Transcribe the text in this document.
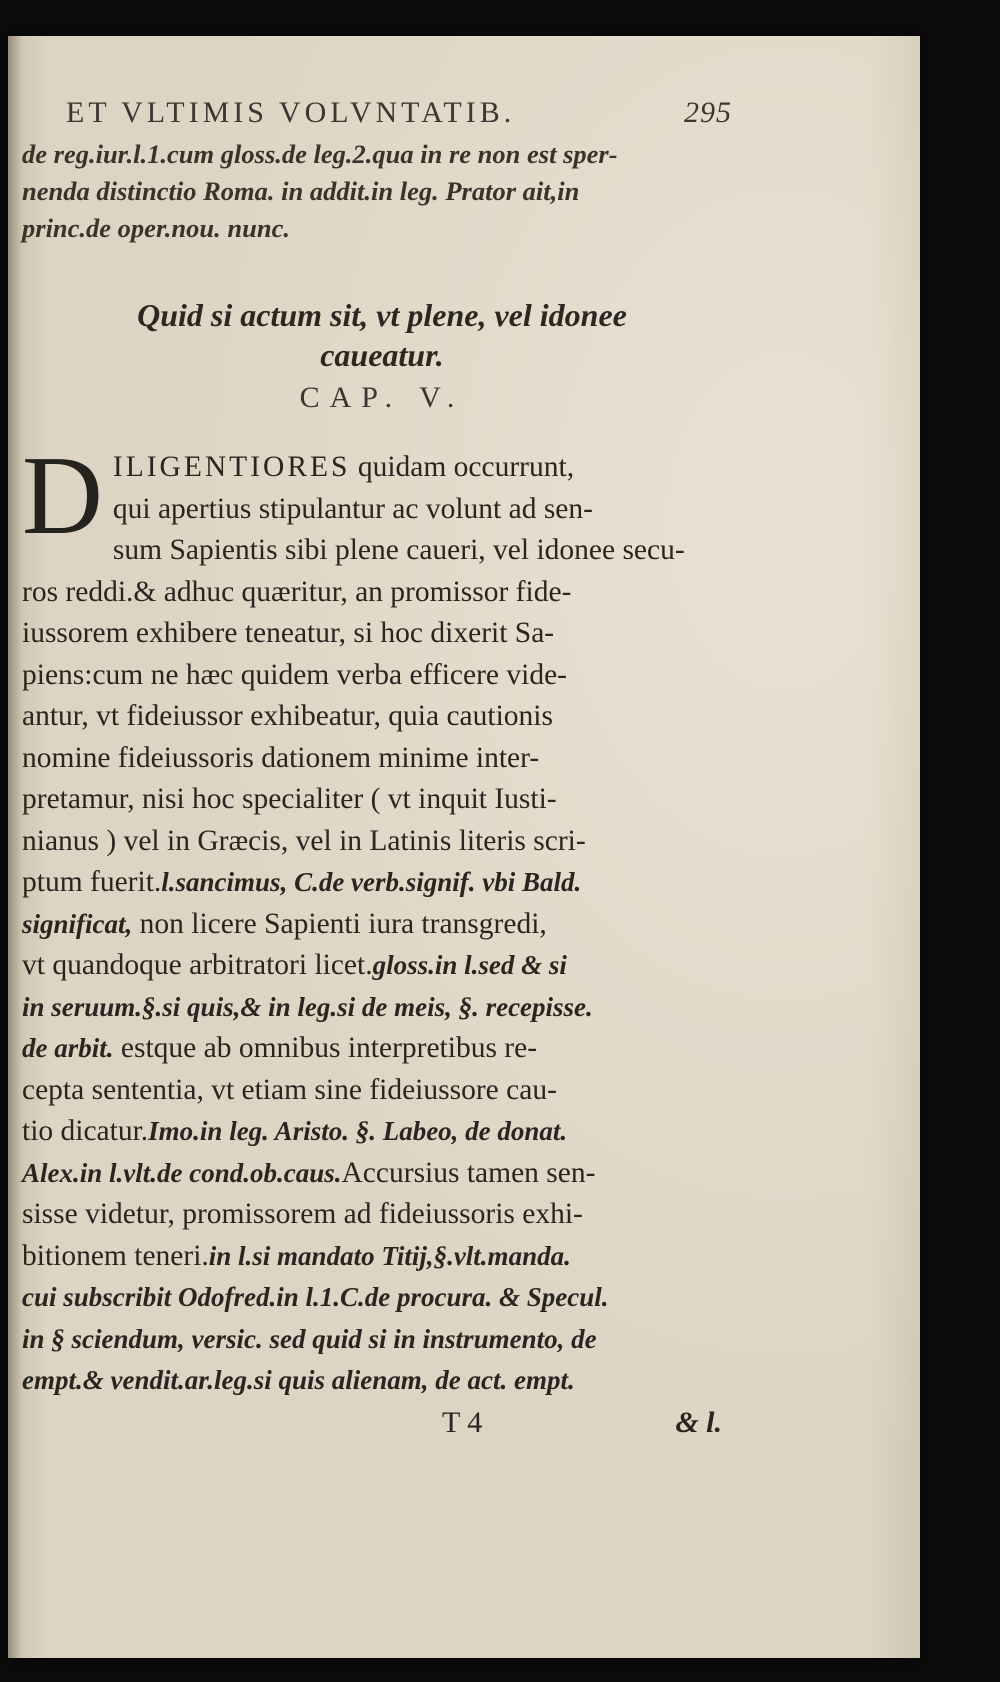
ET VLTIMIS VOLVNTATIB.	295
de reg.iur.l.1.cum gloss.de leg.2.qua in re non est sper-
nenda distinctio Roma. in addit.in leg. Prator ait,in
princ.de oper.nou. nunc.
Quid si actum sit, vt plene, vel idonee
caueatur.
CAP. V.
D ILIGENTIORES quidam occurrunt,
qui apertius stipulantur ac volunt ad sen-
sum Sapientis sibi plene caueri, vel idonee secu-
ros reddi.& adhuc quæritur, an promissor fide-
iussorem exhibere teneatur, si hoc dixerit Sa-
piens:cum ne hæc quidem verba efficere vide-
antur, vt fideiussor exhibeatur, quia cautionis
nomine fideiussoris dationem minime inter-
pretamur, nisi hoc specialiter ( vt inquit Iusti-
nianus ) vel in Græcis, vel in Latinis literis scri-
ptum fuerit.l.sancimus, C.de verb.signif. vbi Bald.
significat, non licere Sapienti iura transgredi,
vt quandoque arbitratori licet.gloss.in l.sed & si
in seruum.§.si quis,& in leg.si de meis, §. recepisse.
de arbit. estque ab omnibus interpretibus re-
cepta sententia, vt etiam sine fideiussore cau-
tio dicatur.Imo.in leg. Aristo. §. Labeo, de donat.
Alex.in l.vlt.de cond.ob.caus.Accursius tamen sen-
sisse videtur, promissorem ad fideiussoris exhi-
bitionem teneri.in l.si mandato Titij,§.vlt.manda.
cui subscribit Odofred.in l.1.C.de procura. & Specul.
in § sciendum, versic. sed quid si in instrumento, de
empt.& vendit.ar.leg.si quis alienam, de act. empt.
T 4	& l.
